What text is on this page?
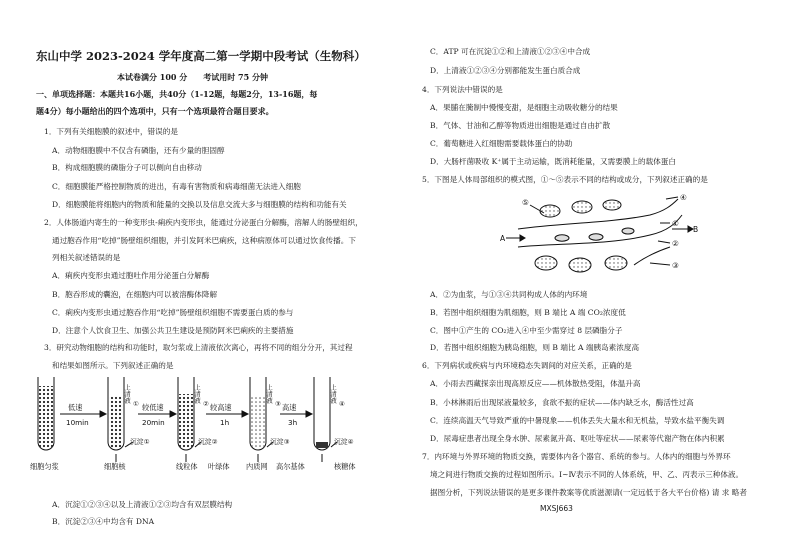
东山中学 2023-2024 学年度高二第一学期中段考试（生物科）
本试卷满分 100 分　　考试用时 75 分钟
一、单项选择题：本题共16小题，共40分（1-12题，每题2分，13-16题，每
题4分）每小题给出的四个选项中，只有一个选项最符合题目要求。
1．下列有关细胞膜的叙述中，错误的是
A．动物细胞膜中不仅含有磷脂，还有少量的胆固醇
B．构成细胞膜的磷脂分子可以侧向自由移动
C．细胞膜能严格控制物质的进出，有毒有害物质和病毒细菌无法进入细胞
D．细胞膜能将细胞内的物质和能量的交换以及信息交流大多与细胞膜的结构和功能有关
2．人体肠道内寄生的一种变形虫-痢疾内变形虫，能通过分泌蛋白分解酶，溶解人的肠壁组织，
通过胞吞作用“吃掉”肠壁组织细胞，并引发阿米巴痢疾，这种病原体可以通过饮食传播。下
列相关叙述错误的是
A．痢疾内变形虫通过胞吐作用分泌蛋白分解酶
B．胞吞形成的囊泡，在细胞内可以被溶酶体降解
C．痢疾内变形虫通过胞吞作用“吃掉”肠壁组织细胞不需要蛋白质的参与
D．注意个人饮食卫生、加强公共卫生建设是预防阿米巴痢疾的主要措施
3．研究动物细胞的结构和功能时，取匀浆或上清液依次离心，再将不同的组分分开，其过程
和结果如图所示。下列叙述正确的是
低速
10min
较低速
20min
较高速
1h
高速
3h
上清液
①
上清液
②
上清液
③
上清液
④
沉淀①	沉淀②	沉淀③	沉淀④
细胞匀浆	细胞核	线粒体 叶绿体 内质网 高尔基体	核糖体
A．沉淀①②③④以及上清液①②③均含有双层膜结构
B．沉淀②③④中均含有 DNA
C．ATP 可在沉淀①②和上清液①②③④中合成
D．上清液①②③④分别都能发生蛋白质合成
4．下列说法中错误的是
A．果脯在腌制中慢慢变甜，是细胞主动吸收糖分的结果
B．气体、甘油和乙醇等物质进出细胞是通过自由扩散
C．葡萄糖进入红细胞需要载体蛋白的协助
D．大肠杆菌吸收 K⁺属于主动运输，既消耗能量，又需要膜上的载体蛋白
5．下图是人体局部组织的模式图，①～⑤表示不同的结构或成分，下列叙述正确的是
A
B
⑤
④
①
②
③
A．②为血浆，与①③④共同构成人体的内环境
B．若图中组织细胞为肌细胞，则 B 端比 A 端 CO₂浓度低
C．图中①产生的 CO₂进入④中至少需穿过 8 层磷脂分子
D．若图中组织细胞为胰岛细胞，则 B 端比 A 端胰岛素浓度高
6．下列病状或疾病与内环境稳态失调间的对应关系，正确的是
A．小雨去西藏探亲出现高原反应——机体散热受阻，体温升高
B．小林淋雨后出现尿液量较多，食欲不振的症状——体内缺乏水，酶活性过高
C．连续高温天气导致严重的中暑现象——机体丢失大量水和无机盐，导致水盐平衡失调
D．尿毒症患者出现全身水肿、尿素氮升高、呕吐等症状——尿素等代谢产物在体内积累
7．内环境与外界环境的物质交换，需要体内各个器官、系统的参与。人体内的细胞与外界环
境之间进行物质交换的过程如图所示。Ⅰ~Ⅳ表示不同的人体系统，甲、乙、丙表示三种体液。
据图分析，下列说法错误的是更多课件教案等优质滋源请(一定远低于各大平台价格) 请 求 略者
MXSJ663
